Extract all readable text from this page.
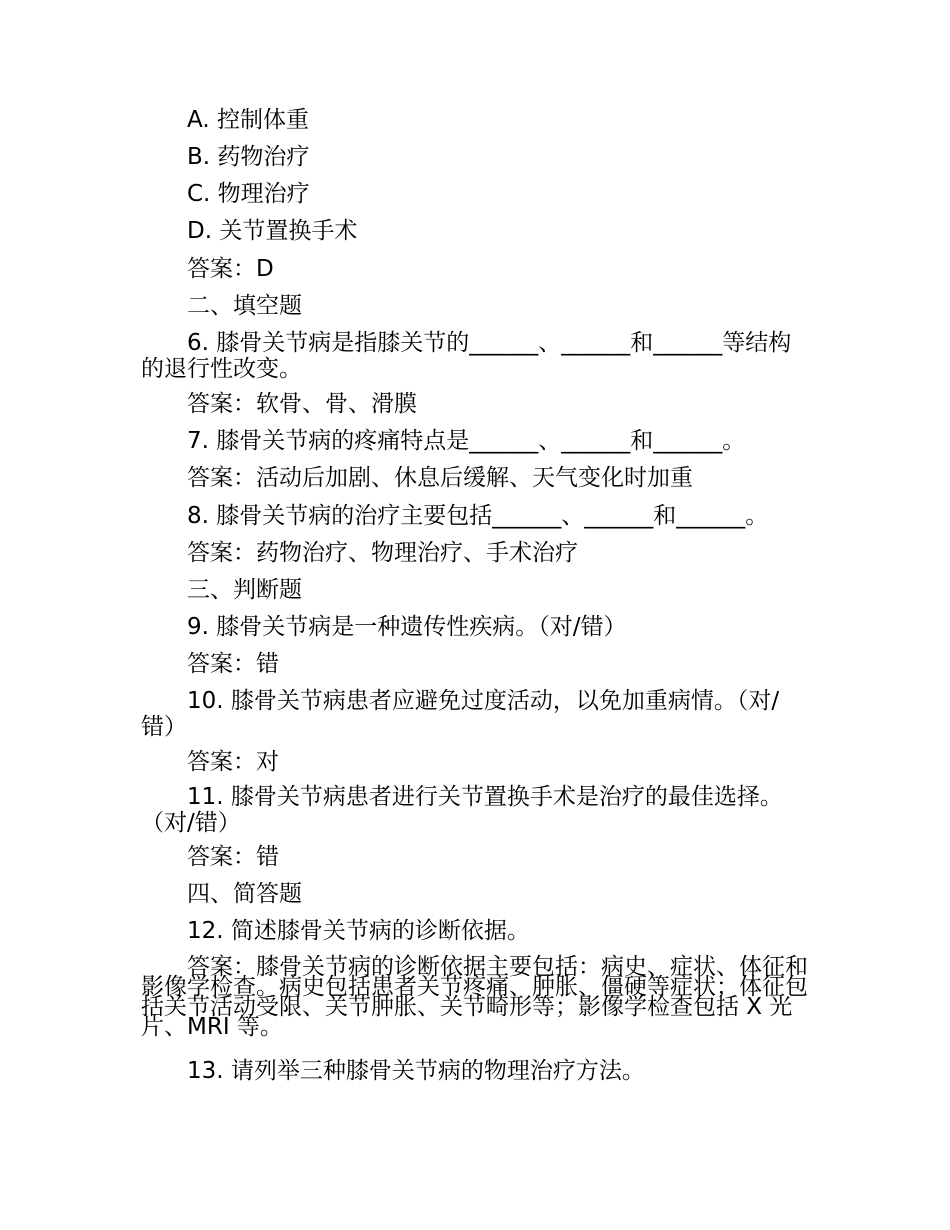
A. 控制体重
B. 药物治疗
C. 物理治疗
D. 关节置换手术
答案：D
二、填空题
6. 膝骨关节病是指膝关节的______、______和______等结构的退行性改变。
答案：软骨、骨、滑膜
7. 膝骨关节病的疼痛特点是______、______和______。
答案：活动后加剧、休息后缓解、天气变化时加重
8. 膝骨关节病的治疗主要包括______、______和______。
答案：药物治疗、物理治疗、手术治疗
三、判断题
9. 膝骨关节病是一种遗传性疾病。（对/错）
答案：错
10. 膝骨关节病患者应避免过度活动，以免加重病情。（对/错）
答案：对
11. 膝骨关节病患者进行关节置换手术是治疗的最佳选择。（对/错）
答案：错
四、简答题
12. 简述膝骨关节病的诊断依据。
答案：膝骨关节病的诊断依据主要包括：病史、症状、体征和影像学检查。病史包括患者关节疼痛、肿胀、僵硬等症状；体征包括关节活动受限、关节肿胀、关节畸形等；影像学检查包括 X 光片、MRI 等。
13. 请列举三种膝骨关节病的物理治疗方法。
